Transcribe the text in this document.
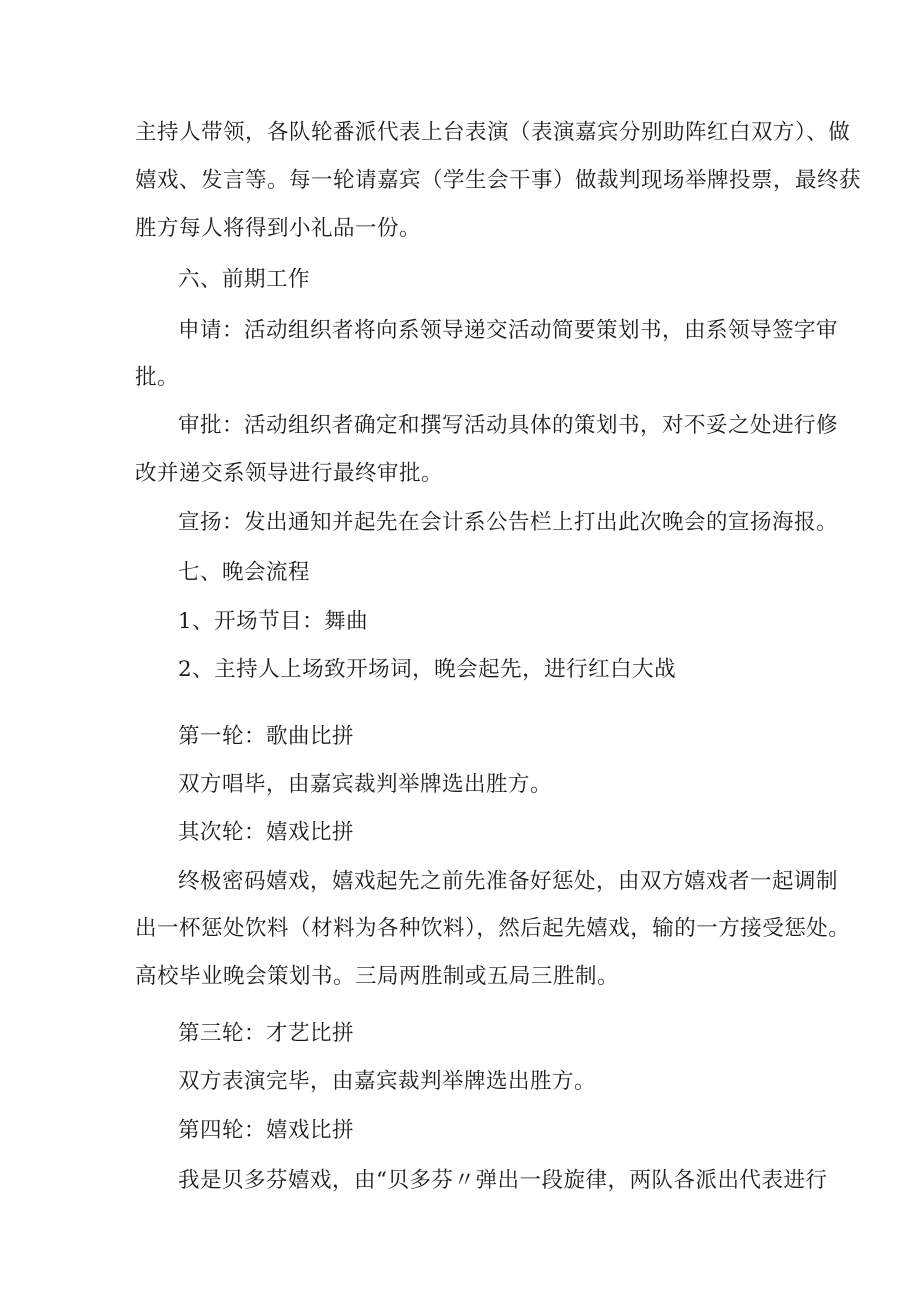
主持人带领，各队轮番派代表上台表演（表演嘉宾分别助阵红白双方）、做
嬉戏、发言等。每一轮请嘉宾（学生会干事）做裁判现场举牌投票，最终获
胜方每人将得到小礼品一份。
六、前期工作
申请：活动组织者将向系领导递交活动简要策划书，由系领导签字审
批。
审批：活动组织者确定和撰写活动具体的策划书，对不妥之处进行修
改并递交系领导进行最终审批。
宣扬：发出通知并起先在会计系公告栏上打出此次晚会的宣扬海报。
七、晚会流程
1、开场节目：舞曲
2、主持人上场致开场词，晚会起先，进行红白大战
第一轮：歌曲比拼
双方唱毕，由嘉宾裁判举牌选出胜方。
其次轮：嬉戏比拼
终极密码嬉戏，嬉戏起先之前先准备好惩处，由双方嬉戏者一起调制
出一杯惩处饮料（材料为各种饮料），然后起先嬉戏，输的一方接受惩处。
高校毕业晚会策划书。三局两胜制或五局三胜制。
第三轮：才艺比拼
双方表演完毕，由嘉宾裁判举牌选出胜方。
第四轮：嬉戏比拼
我是贝多芬嬉戏，由“贝多芬〃弹出一段旋律，两队各派出代表进行
